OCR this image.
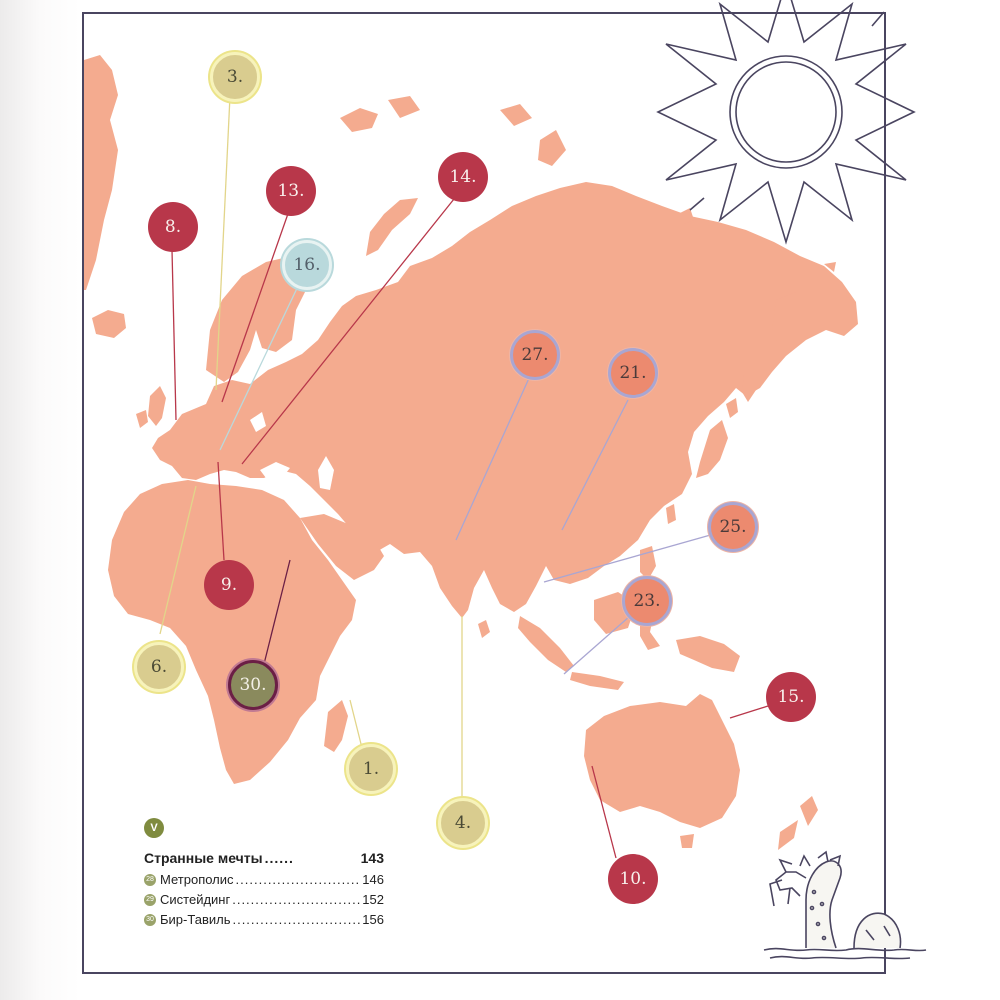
3.
13.
14.
8.
16.
27.
21.
25.
23.
9.
6.
30.
15.
1.
4.
10.
V
Странные мечты ......	143
28 Метрополис .....	146
29 Систейдинг .....	152
30 Бир-Тавиль .....	156
